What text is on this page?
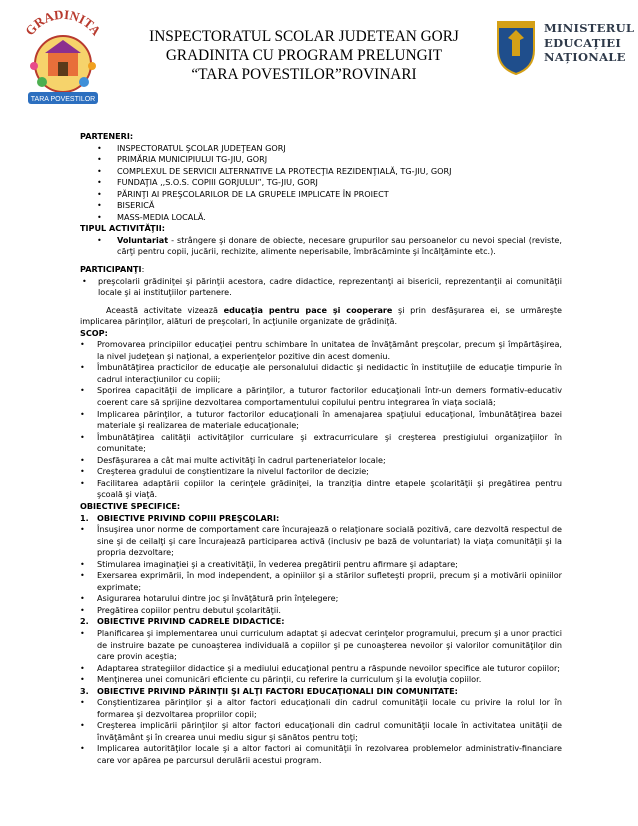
GRADINITA
TARA POVESTILOR
INSPECTORATUL SCOLAR JUDETEAN GORJ
GRADINITA CU PROGRAM PRELUNGIT
“TARA POVESTILOR”ROVINARI
MINISTERUL
EDUCAȚIEI
NAȚIONALE

PARTENERI:

• INSPECTORATUL ŞCOLAR JUDEŢEAN GORJ

• PRIMĂRIA MUNICIPIULUI TG-JIU, GORJ

• COMPLEXUL DE SERVICII ALTERNATIVE LA PROTECŢIA REZIDENŢIALĂ, TG-JIU, GORJ

• FUNDAŢIA ,,S.O.S. COPIII GORJULUI”, TG-JIU, GORJ

• PĂRINŢI AI PREŞCOLARILOR DE LA GRUPELE IMPLICATE ÎN PROIECT

• BISERICĂ

• MASS-MEDIA LOCALĂ.

TIPUL ACTIVITĂŢII:

• Voluntariat - strângere şi donare de obiecte, necesare grupurilor sau persoanelor cu nevoi special (reviste, cărţi pentru copii, jucării, rechizite, alimente neperisabile, îmbrăcăminte şi încălţăminte etc.).

PARTICIPANŢI:

• preşcolarii grădiniţei şi părinţii acestora, cadre didactice, reprezentanţi ai bisericii, reprezentanţii ai comunităţii locale şi ai instituţiilor partenere.

Această activitate vizează educaţia pentru pace şi cooperare şi prin desfăşurarea ei, se urmăreşte implicarea părinţilor, alături de preşcolari, în acţiunile organizate de grădiniţă.

SCOP:

• Promovarea principiilor educaţiei pentru schimbare în unitatea de învăţământ preşcolar, precum şi împărtăşirea, la nivel judeţean şi naţional, a experienţelor pozitive din acest domeniu.

• Îmbunătăţirea practicilor de educaţie ale personalului didactic şi nedidactic în instituţiile de educaţie timpurie în cadrul interacţiunilor cu copiii;

• Sporirea capacităţii de implicare a părinţilor, a tuturor factorilor educaţionali într-un demers formativ-educativ coerent care să sprijine dezvoltarea comportamentului copilului pentru integrarea în viaţa socială;

• Implicarea părinţilor, a tuturor factorilor educaţionali în amenajarea spaţiului educaţional, îmbunătăţirea bazei materiale şi realizarea de materiale educaţionale;

• Îmbunătăţirea calităţii activităţilor curriculare şi extracurriculare şi creşterea prestigiului organizaţiilor în comunitate;

• Desfăşurarea a cât mai multe activităţi în cadrul parteneriatelor locale;

• Creşterea gradului de conştientizare la nivelul factorilor de decizie;

• Facilitarea adaptării copiilor la cerinţele grădiniţei, la tranziţia dintre etapele şcolarităţii şi pregătirea pentru şcoală şi viaţă.

OBIECTIVE SPECIFICE:

1. OBIECTIVE PRIVIND COPIII PREŞCOLARI:

• Însuşirea unor norme de comportament care încurajează o relaţionare socială pozitivă, care dezvoltă respectul de sine şi de ceilalţi şi care încurajează participarea activă (inclusiv pe bază de voluntariat) la viaţa comunităţii şi la propria dezvoltare;

• Stimularea imaginaţiei şi a creativităţii, în vederea pregătirii pentru afirmare şi adaptare;

• Exersarea exprimării, în mod independent, a opiniilor şi a stărilor sufleteşti proprii, precum şi a motivării opiniilor exprimate;

• Asigurarea hotarului dintre joc şi învăţătură prin înţelegere;

• Pregătirea copiilor pentru debutul şcolarităţii.

2. OBIECTIVE PRIVIND CADRELE DIDACTICE:

• Planificarea şi implementarea unui curriculum adaptat şi adecvat cerinţelor programului, precum şi a unor practici de instruire bazate pe cunoaşterea individuală a copiilor şi pe cunoaşterea nevoilor şi valorilor comunităţilor din care provin aceştia;

• Adaptarea strategiilor didactice şi a mediului educaţional pentru a răspunde nevoilor specifice ale tuturor copiilor;

• Menţinerea unei comunicări eficiente cu părinţii, cu referire la curriculum şi la evoluţia copiilor.

3. OBIECTIVE PRIVIND PĂRINŢII ŞI ALŢI FACTORI EDUCAŢIONALI DIN COMUNITATE:

• Conştientizarea părinţilor şi a altor factori educaţionali din cadrul comunităţii locale cu privire la rolul lor în formarea şi dezvoltarea propriilor copii;

• Creşterea implicării părinţilor şi altor factori educaţionali din cadrul comunităţii locale în activitatea unităţii de învăţământ şi în crearea unui mediu sigur şi sănătos pentru toţi;

• Implicarea autorităţilor locale şi a altor factori ai comunităţii în rezolvarea problemelor administrativ-financiare care vor apărea pe parcursul derulării acestui program.
